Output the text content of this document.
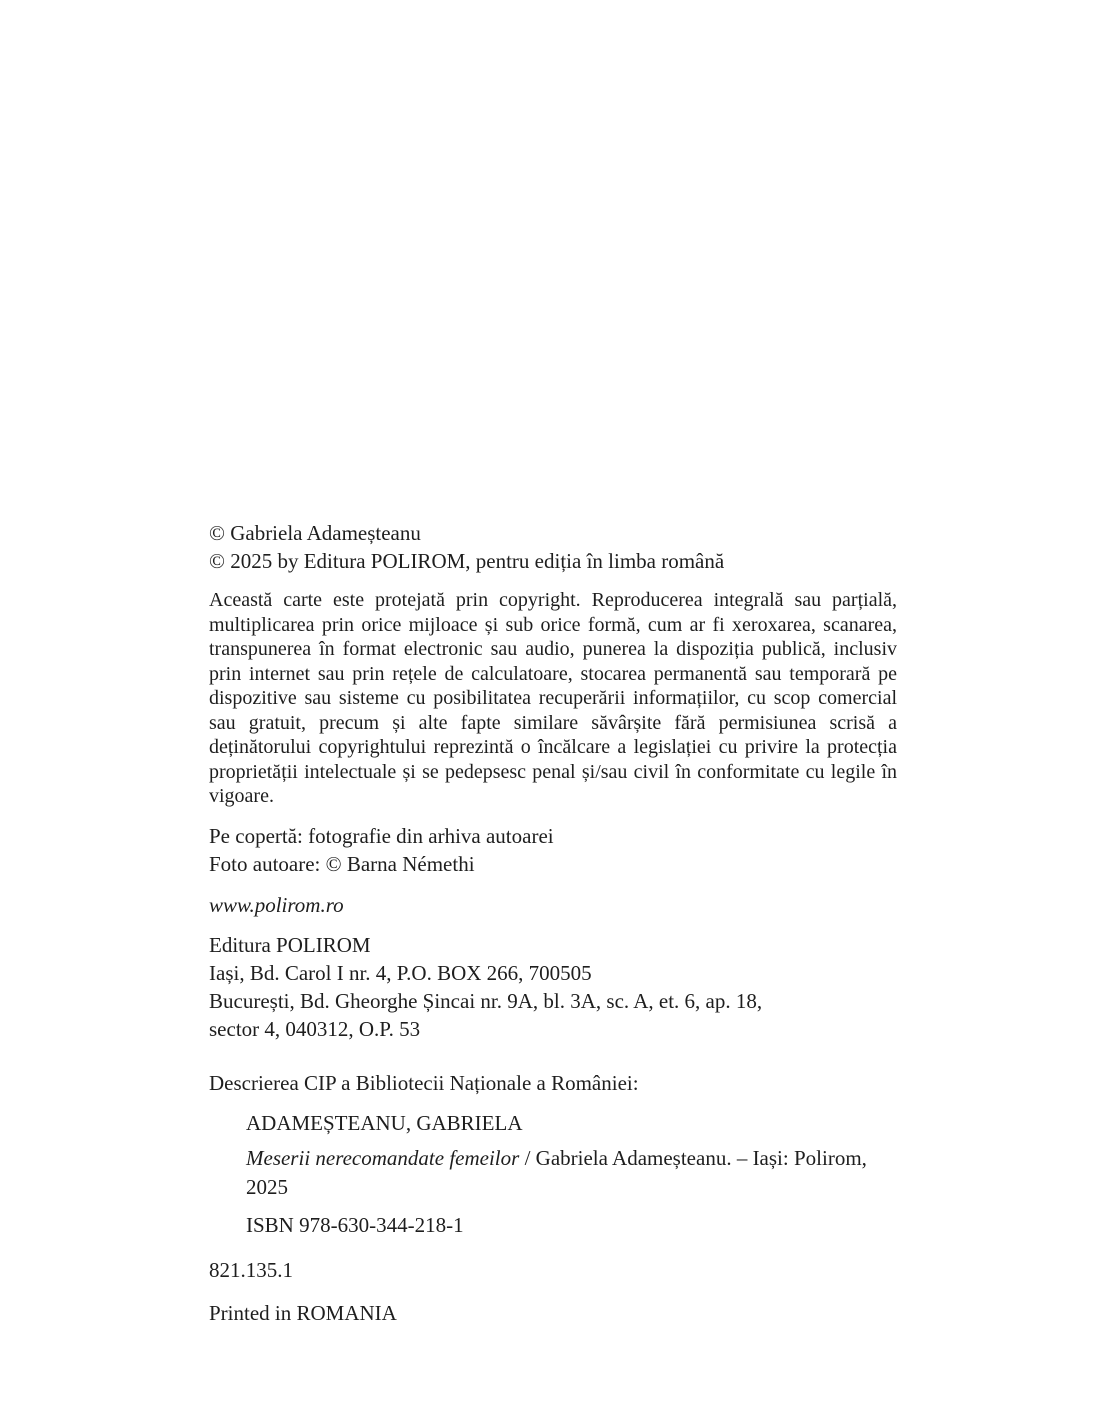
© Gabriela Adameșteanu
© 2025 by Editura POLIROM, pentru ediția în limba română
Această carte este protejată prin copyright. Reproducerea integrală sau parțială, multiplicarea prin orice mijloace și sub orice formă, cum ar fi xeroxarea, scanarea, transpunerea în format electronic sau audio, punerea la dispoziția publică, inclusiv prin internet sau prin rețele de calculatoare, stocarea permanentă sau temporară pe dispozitive sau sisteme cu posibilitatea recuperării informațiilor, cu scop comercial sau gratuit, precum și alte fapte similare săvârșite fără permisiunea scrisă a deținătorului copyrightului reprezintă o încălcare a legislației cu privire la protecția proprietății intelectuale și se pedepsesc penal și/sau civil în conformitate cu legile în vigoare.
Pe copertă: fotografie din arhiva autoarei
Foto autoare: © Barna Némethi
www.polirom.ro
Editura POLIROM
Iași, Bd. Carol I nr. 4, P.O. BOX 266, 700505
București, Bd. Gheorghe Șincai nr. 9A, bl. 3A, sc. A, et. 6, ap. 18,
sector 4, 040312, O.P. 53
Descrierea CIP a Bibliotecii Naționale a României:
ADAMEȘTEANU, GABRIELA
Meserii nerecomandate femeilor / Gabriela Adameșteanu. – Iași: Polirom,
2025
ISBN 978-630-344-218-1
821.135.1
Printed in ROMANIA
